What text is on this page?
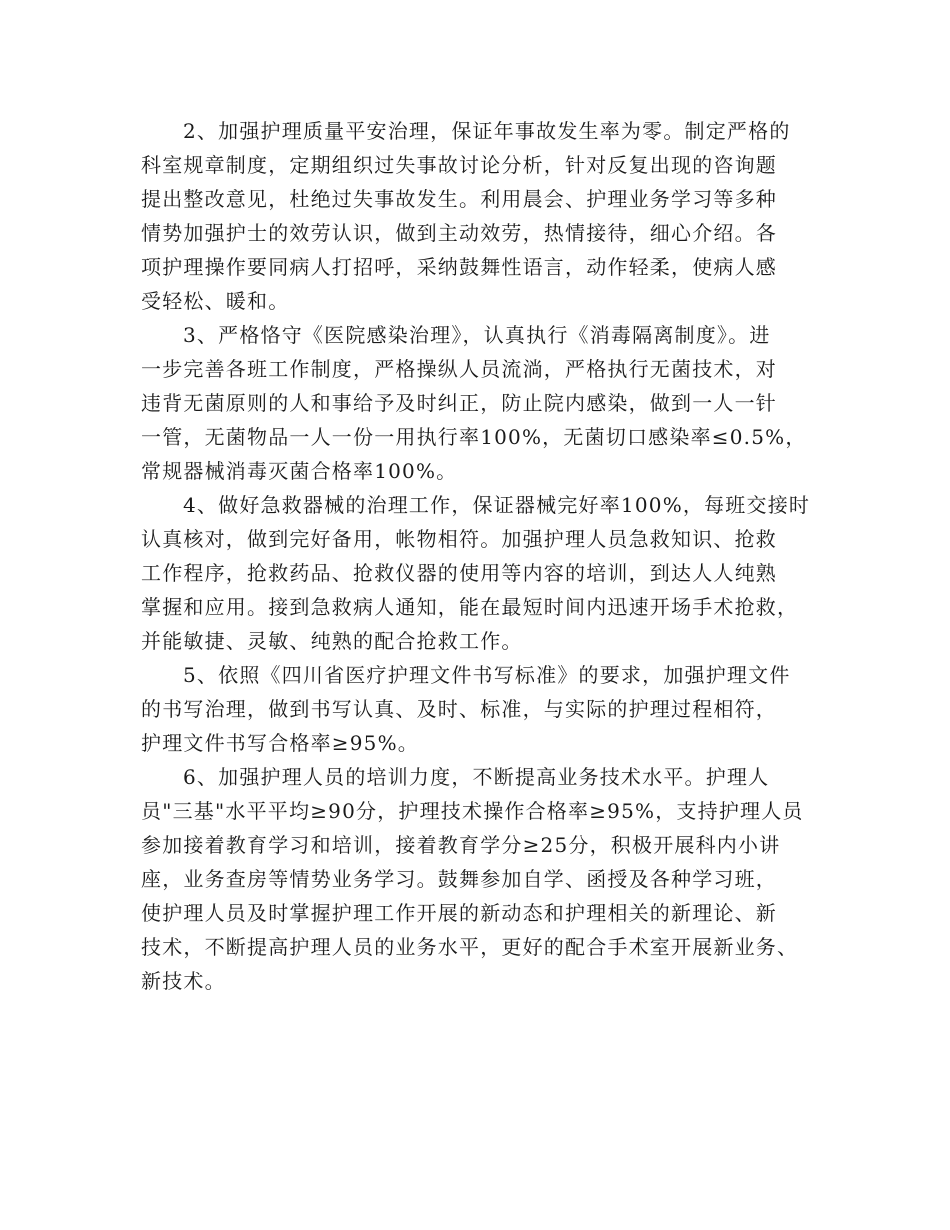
2、加强护理质量平安治理，保证年事故发生率为零。制定严格的
科室规章制度，定期组织过失事故讨论分析，针对反复出现的咨询题
提出整改意见，杜绝过失事故发生。利用晨会、护理业务学习等多种
情势加强护士的效劳认识，做到主动效劳，热情接待，细心介绍。各
项护理操作要同病人打招呼，采纳鼓舞性语言，动作轻柔，使病人感
受轻松、暖和。

3、严格恪守《医院感染治理》，认真执行《消毒隔离制度》。进
一步完善各班工作制度，严格操纵人员流淌，严格执行无菌技术，对
违背无菌原则的人和事给予及时纠正，防止院内感染，做到一人一针
一管，无菌物品一人一份一用执行率100%，无菌切口感染率≤0.5%，
常规器械消毒灭菌合格率100%。

4、做好急救器械的治理工作，保证器械完好率100%，每班交接时
认真核对，做到完好备用，帐物相符。加强护理人员急救知识、抢救
工作程序，抢救药品、抢救仪器的使用等内容的培训，到达人人纯熟
掌握和应用。接到急救病人通知，能在最短时间内迅速开场手术抢救，
并能敏捷、灵敏、纯熟的配合抢救工作。

5、依照《四川省医疗护理文件书写标准》的要求，加强护理文件
的书写治理，做到书写认真、及时、标准，与实际的护理过程相符，
护理文件书写合格率≥95%。

6、加强护理人员的培训力度，不断提高业务技术水平。护理人
员"三基"水平平均≥90分，护理技术操作合格率≥95%，支持护理人员
参加接着教育学习和培训，接着教育学分≥25分，积极开展科内小讲
座，业务查房等情势业务学习。鼓舞参加自学、函授及各种学习班，
使护理人员及时掌握护理工作开展的新动态和护理相关的新理论、新
技术，不断提高护理人员的业务水平，更好的配合手术室开展新业务、
新技术。
